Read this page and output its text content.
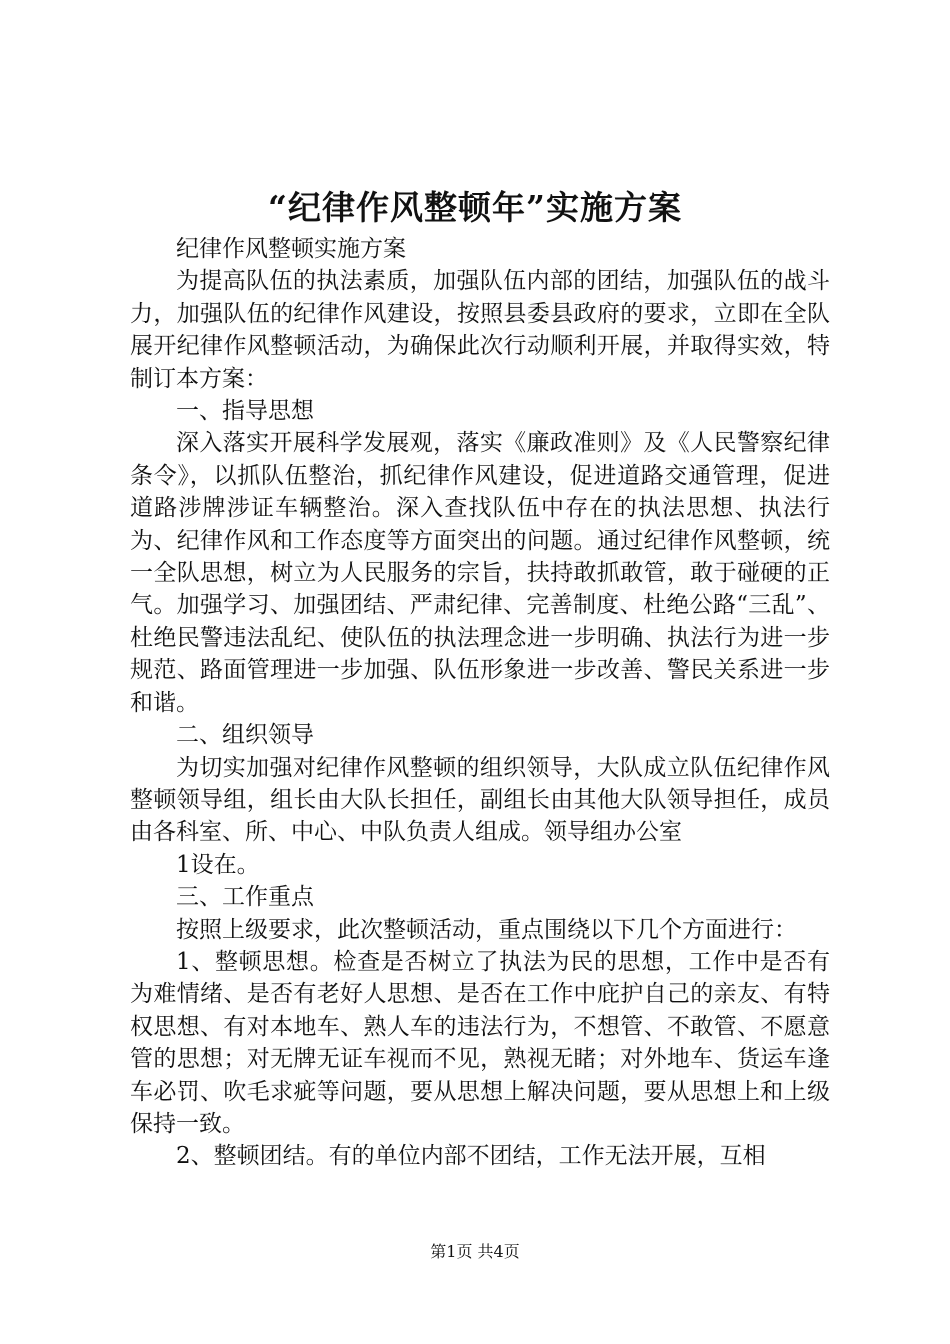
“纪律作风整顿年”实施方案

纪律作风整顿实施方案

为提高队伍的执法素质，加强队伍内部的团结，加强队伍的战斗力，加强队伍的纪律作风建设，按照县委县政府的要求，立即在全队展开纪律作风整顿活动，为确保此次行动顺利开展，并取得实效，特制订本方案：

一、指导思想

深入落实开展科学发展观，落实《廉政准则》及《人民警察纪律条令》，以抓队伍整治，抓纪律作风建设，促进道路交通管理，促进道路涉牌涉证车辆整治。深入查找队伍中存在的执法思想、执法行为、纪律作风和工作态度等方面突出的问题。通过纪律作风整顿，统一全队思想，树立为人民服务的宗旨，扶持敢抓敢管，敢于碰硬的正气。加强学习、加强团结、严肃纪律、完善制度、杜绝公路“三乱”、杜绝民警违法乱纪、使队伍的执法理念进一步明确、执法行为进一步规范、路面管理进一步加强、队伍形象进一步改善、警民关系进一步和谐。

二、组织领导

为切实加强对纪律作风整顿的组织领导，大队成立队伍纪律作风整顿领导组，组长由大队长担任，副组长由其他大队领导担任，成员由各科室、所、中心、中队负责人组成。领导组办公室

1设在。

三、工作重点

按照上级要求，此次整顿活动，重点围绕以下几个方面进行：

1、整顿思想。检查是否树立了执法为民的思想，工作中是否有为难情绪、是否有老好人思想、是否在工作中庇护自己的亲友、有特权思想、有对本地车、熟人车的违法行为，不想管、不敢管、不愿意管的思想；对无牌无证车视而不见，熟视无睹；对外地车、货运车逢车必罚、吹毛求疵等问题，要从思想上解决问题，要从思想上和上级保持一致。

2、整顿团结。有的单位内部不团结，工作无法开展，互相

第1页 共4页
